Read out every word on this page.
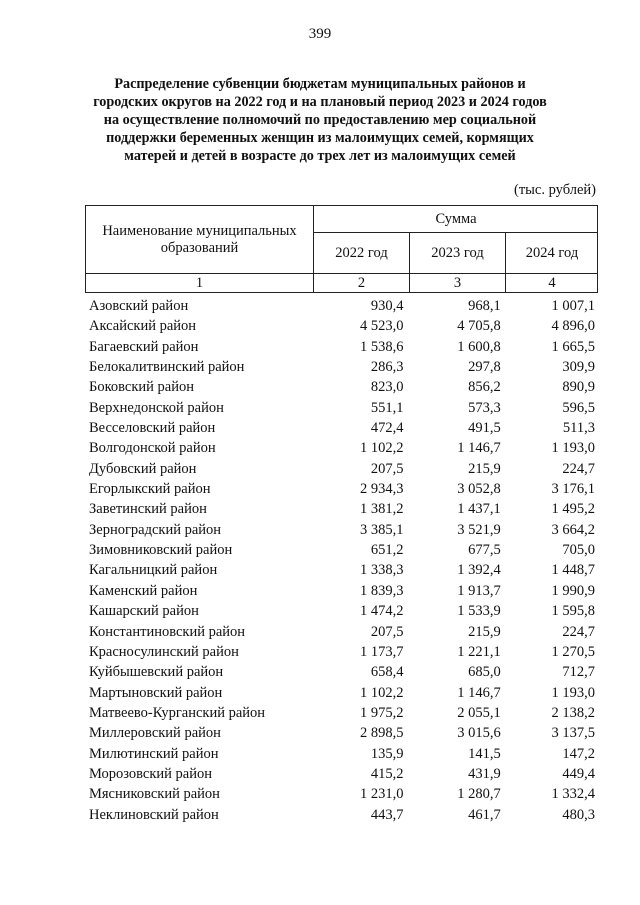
399
Распределение субвенции бюджетам муниципальных районов и
городских округов на 2022 год и на плановый период 2023 и 2024 годов
на осуществление полномочий по предоставлению мер социальной
поддержки беременных женщин из малоимущих семей, кормящих
матерей и детей в возрасте до трех лет из малоимущих семей
(тыс. рублей)
Наименование муниципальных образований
Сумма
2022 год	2023 год	2024 год
1	2	3	4
Азовский район	930,4	968,1	1 007,1
Аксайский район	4 523,0	4 705,8	4 896,0
Багаевский район	1 538,6	1 600,8	1 665,5
Белокалитвинский район	286,3	297,8	309,9
Боковский район	823,0	856,2	890,9
Верхнедонской район	551,1	573,3	596,5
Весселовский район	472,4	491,5	511,3
Волгодонской район	1 102,2	1 146,7	1 193,0
Дубовский район	207,5	215,9	224,7
Егорлыкский район	2 934,3	3 052,8	3 176,1
Заветинский район	1 381,2	1 437,1	1 495,2
Зерноградский район	3 385,1	3 521,9	3 664,2
Зимовниковский район	651,2	677,5	705,0
Кагальницкий район	1 338,3	1 392,4	1 448,7
Каменский район	1 839,3	1 913,7	1 990,9
Кашарский район	1 474,2	1 533,9	1 595,8
Константиновский район	207,5	215,9	224,7
Красносулинский район	1 173,7	1 221,1	1 270,5
Куйбышевский район	658,4	685,0	712,7
Мартыновский район	1 102,2	1 146,7	1 193,0
Матвеево-Курганский район	1 975,2	2 055,1	2 138,2
Миллеровский район	2 898,5	3 015,6	3 137,5
Милютинский район	135,9	141,5	147,2
Морозовский район	415,2	431,9	449,4
Мясниковский район	1 231,0	1 280,7	1 332,4
Неклиновский район	443,7	461,7	480,3
